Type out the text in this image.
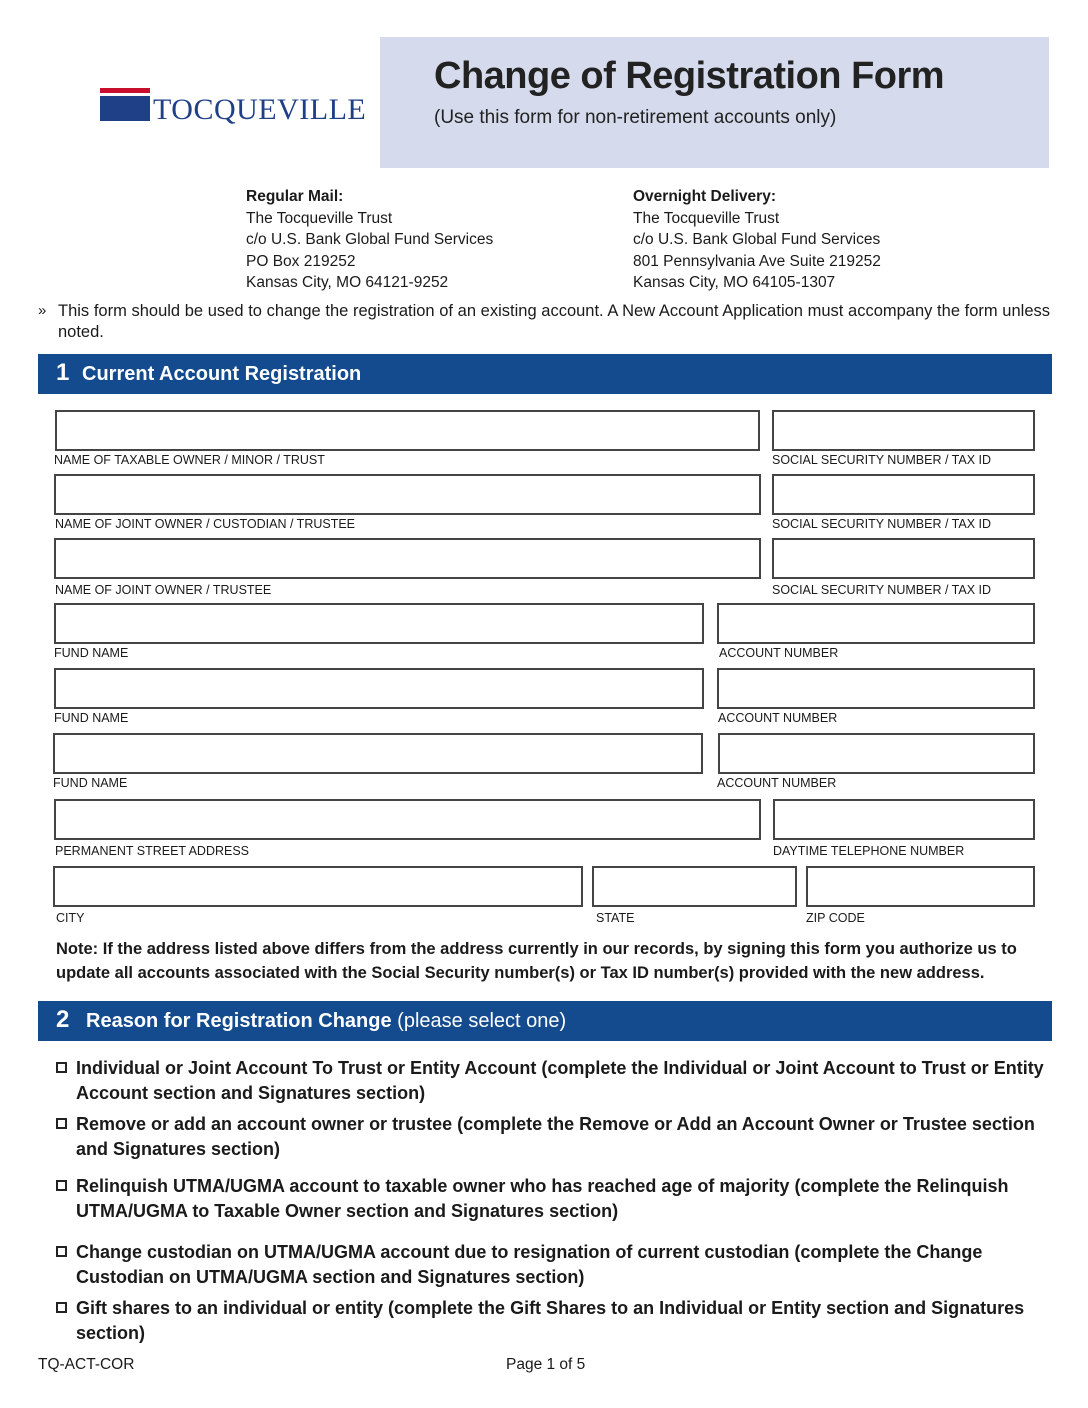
TOCQUEVILLE
Change of Registration Form
(Use this form for non-retirement accounts only)
Regular Mail:
The Tocqueville Trust
c/o U.S. Bank Global Fund Services
PO Box 219252
Kansas City, MO 64121-9252
Overnight Delivery:
The Tocqueville Trust
c/o U.S. Bank Global Fund Services
801 Pennsylvania Ave Suite 219252
Kansas City, MO 64105-1307
» This form should be used to change the registration of an existing account. A New Account Application must accompany the form unless noted.
1 Current Account Registration
NAME OF TAXABLE OWNER / MINOR / TRUST	SOCIAL SECURITY NUMBER / TAX ID
NAME OF JOINT OWNER / CUSTODIAN / TRUSTEE	SOCIAL SECURITY NUMBER / TAX ID
NAME OF JOINT OWNER / TRUSTEE	SOCIAL SECURITY NUMBER / TAX ID
FUND NAME	ACCOUNT NUMBER
FUND NAME	ACCOUNT NUMBER
FUND NAME	ACCOUNT NUMBER
PERMANENT STREET ADDRESS	DAYTIME TELEPHONE NUMBER
CITY	STATE	ZIP CODE
Note: If the address listed above differs from the address currently in our records, by signing this form you authorize us to update all accounts associated with the Social Security number(s) or Tax ID number(s) provided with the new address.
2 Reason for Registration Change (please select one)
Individual or Joint Account To Trust or Entity Account (complete the Individual or Joint Account to Trust or Entity Account section and Signatures section)
Remove or add an account owner or trustee (complete the Remove or Add an Account Owner or Trustee section and Signatures section)
Relinquish UTMA/UGMA account to taxable owner who has reached age of majority (complete the Relinquish UTMA/UGMA to Taxable Owner section and Signatures section)
Change custodian on UTMA/UGMA account due to resignation of current custodian (complete the Change Custodian on UTMA/UGMA section and Signatures section)
Gift shares to an individual or entity (complete the Gift Shares to an Individual or Entity section and Signatures section)
TQ-ACT-COR	Page 1 of 5
